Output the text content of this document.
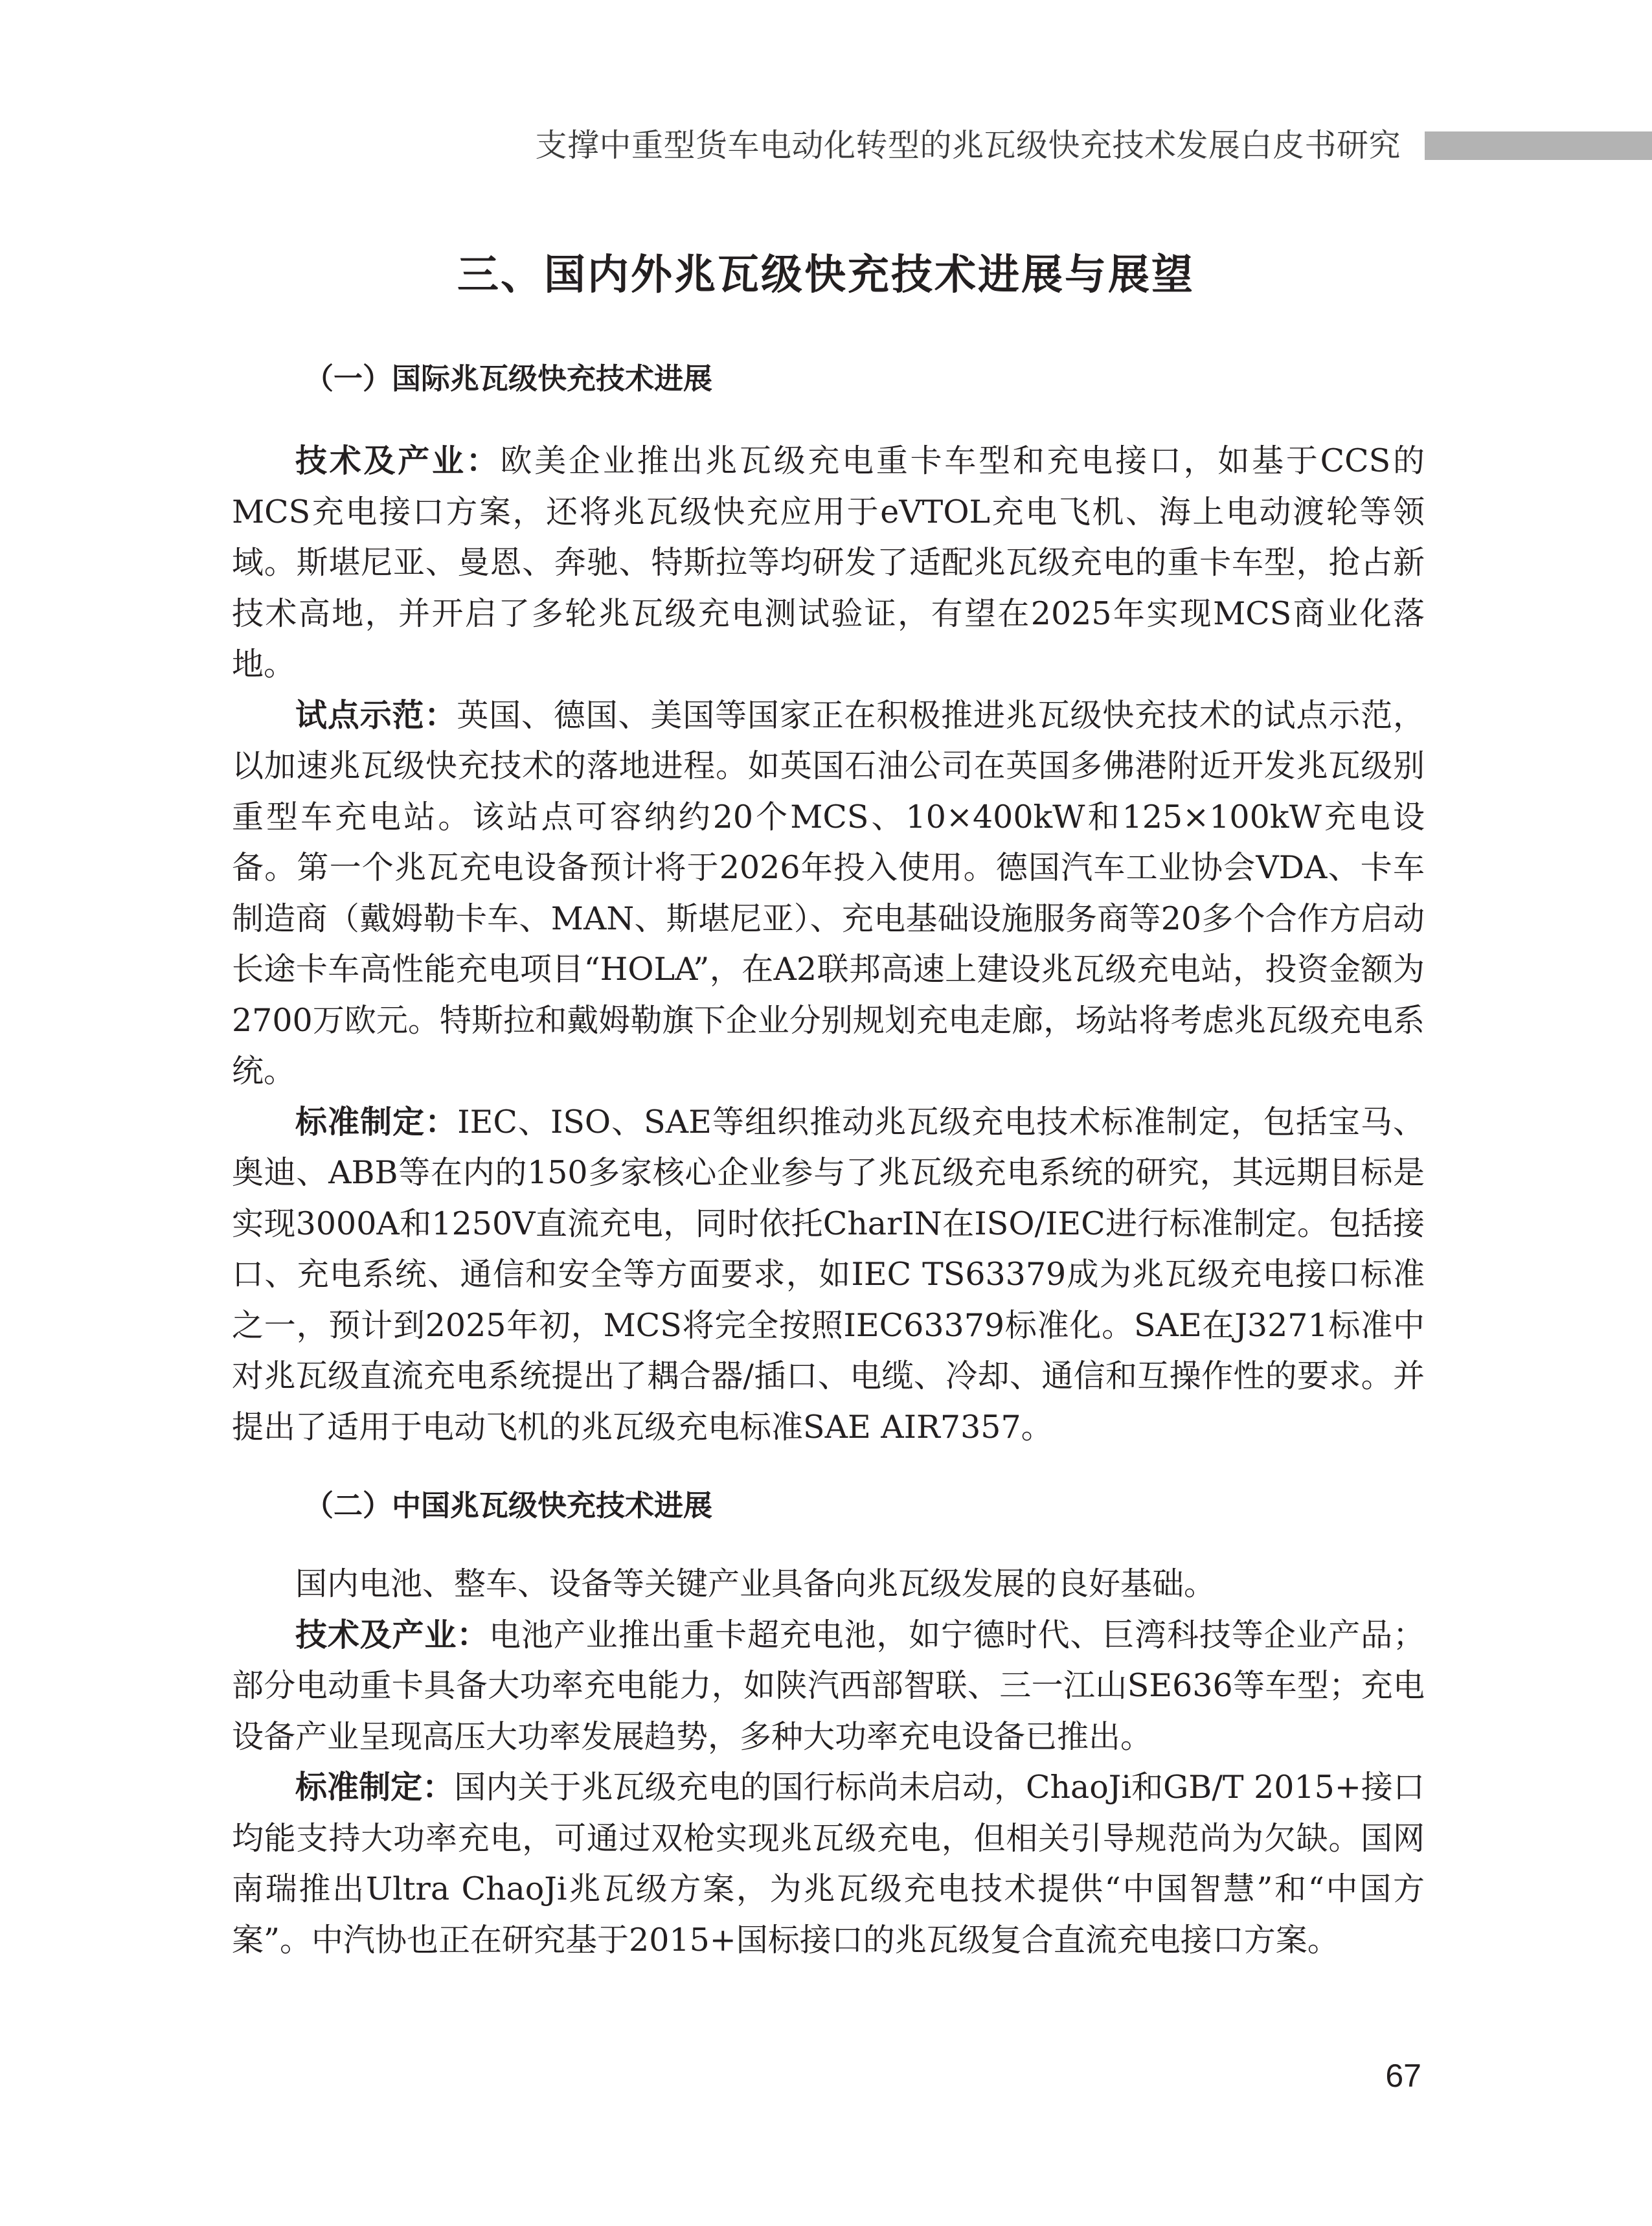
支撑中重型货车电动化转型的兆瓦级快充技术发展白皮书研究
三、国内外兆瓦级快充技术进展与展望
（一）国际兆瓦级快充技术进展

技术及产业：欧美企业推出兆瓦级充电重卡车型和充电接口，如基于CCS的MCS充电接口方案，还将兆瓦级快充应用于eVTOL充电飞机、海上电动渡轮等领域。斯堪尼亚、曼恩、奔驰、特斯拉等均研发了适配兆瓦级充电的重卡车型，抢占新技术高地，并开启了多轮兆瓦级充电测试验证，有望在2025年实现MCS商业化落地。

试点示范：英国、德国、美国等国家正在积极推进兆瓦级快充技术的试点示范，以加速兆瓦级快充技术的落地进程。如英国石油公司在英国多佛港附近开发兆瓦级别重型车充电站。该站点可容纳约20个MCS、10×400kW和125×100kW充电设备。第一个兆瓦充电设备预计将于2026年投入使用。德国汽车工业协会VDA、卡车制造商（戴姆勒卡车、MAN、斯堪尼亚）、充电基础设施服务商等20多个合作方启动长途卡车高性能充电项目“HOLA”，在A2联邦高速上建设兆瓦级充电站，投资金额为2700万欧元。特斯拉和戴姆勒旗下企业分别规划充电走廊，场站将考虑兆瓦级充电系统。

标准制定：IEC、ISO、SAE等组织推动兆瓦级充电技术标准制定，包括宝马、奥迪、ABB等在内的150多家核心企业参与了兆瓦级充电系统的研究，其远期目标是实现3000A和1250V直流充电，同时依托CharIN在ISO/IEC进行标准制定。包括接口、充电系统、通信和安全等方面要求，如IEC TS63379成为兆瓦级充电接口标准之一，预计到2025年初，MCS将完全按照IEC63379标准化。SAE在J3271标准中对兆瓦级直流充电系统提出了耦合器/插口、电缆、冷却、通信和互操作性的要求。并提出了适用于电动飞机的兆瓦级充电标准SAE AIR7357。

（二）中国兆瓦级快充技术进展

国内电池、整车、设备等关键产业具备向兆瓦级发展的良好基础。

技术及产业：电池产业推出重卡超充电池，如宁德时代、巨湾科技等企业产品；部分电动重卡具备大功率充电能力，如陕汽西部智联、三一江山SE636等车型；充电设备产业呈现高压大功率发展趋势，多种大功率充电设备已推出。

标准制定：国内关于兆瓦级充电的国行标尚未启动，ChaoJi和GB/T 2015+接口均能支持大功率充电，可通过双枪实现兆瓦级充电，但相关引导规范尚为欠缺。国网南瑞推出Ultra ChaoJi兆瓦级方案，为兆瓦级充电技术提供“中国智慧”和“中国方案”。中汽协也正在研究基于2015+国标接口的兆瓦级复合直流充电接口方案。

67
